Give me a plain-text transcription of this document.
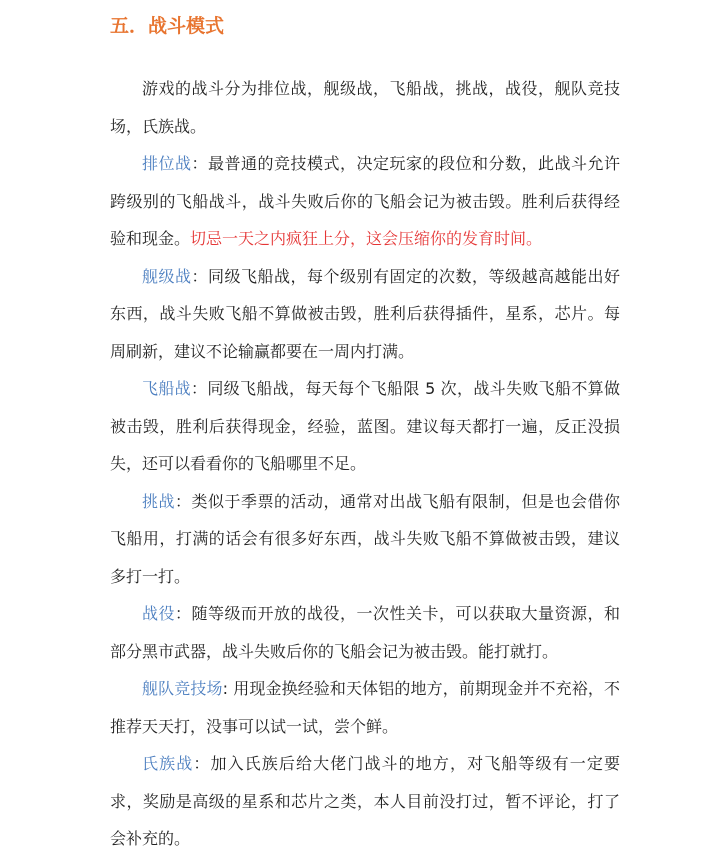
五．战斗模式

游戏的战斗分为排位战，舰级战，飞船战，挑战，战役，舰队竞技场，氏族战。

排位战：最普通的竞技模式，决定玩家的段位和分数，此战斗允许跨级别的飞船战斗，战斗失败后你的飞船会记为被击毁。胜利后获得经验和现金。切忌一天之内疯狂上分，这会压缩你的发育时间。

舰级战：同级飞船战，每个级别有固定的次数，等级越高越能出好东西，战斗失败飞船不算做被击毁，胜利后获得插件，星系，芯片。每周刷新，建议不论输赢都要在一周内打满。

飞船战：同级飞船战，每天每个飞船限 5 次，战斗失败飞船不算做被击毁，胜利后获得现金，经验，蓝图。建议每天都打一遍，反正没损失，还可以看看你的飞船哪里不足。

挑战：类似于季票的活动，通常对出战飞船有限制，但是也会借你飞船用，打满的话会有很多好东西，战斗失败飞船不算做被击毁，建议多打一打。

战役：随等级而开放的战役，一次性关卡，可以获取大量资源，和部分黑市武器，战斗失败后你的飞船会记为被击毁。能打就打。

舰队竞技场: 用现金换经验和天体铝的地方，前期现金并不充裕，不推荐天天打，没事可以试一试，尝个鲜。

氏族战：加入氏族后给大佬门战斗的地方，对飞船等级有一定要求，奖励是高级的星系和芯片之类，本人目前没打过，暂不评论，打了会补充的。
